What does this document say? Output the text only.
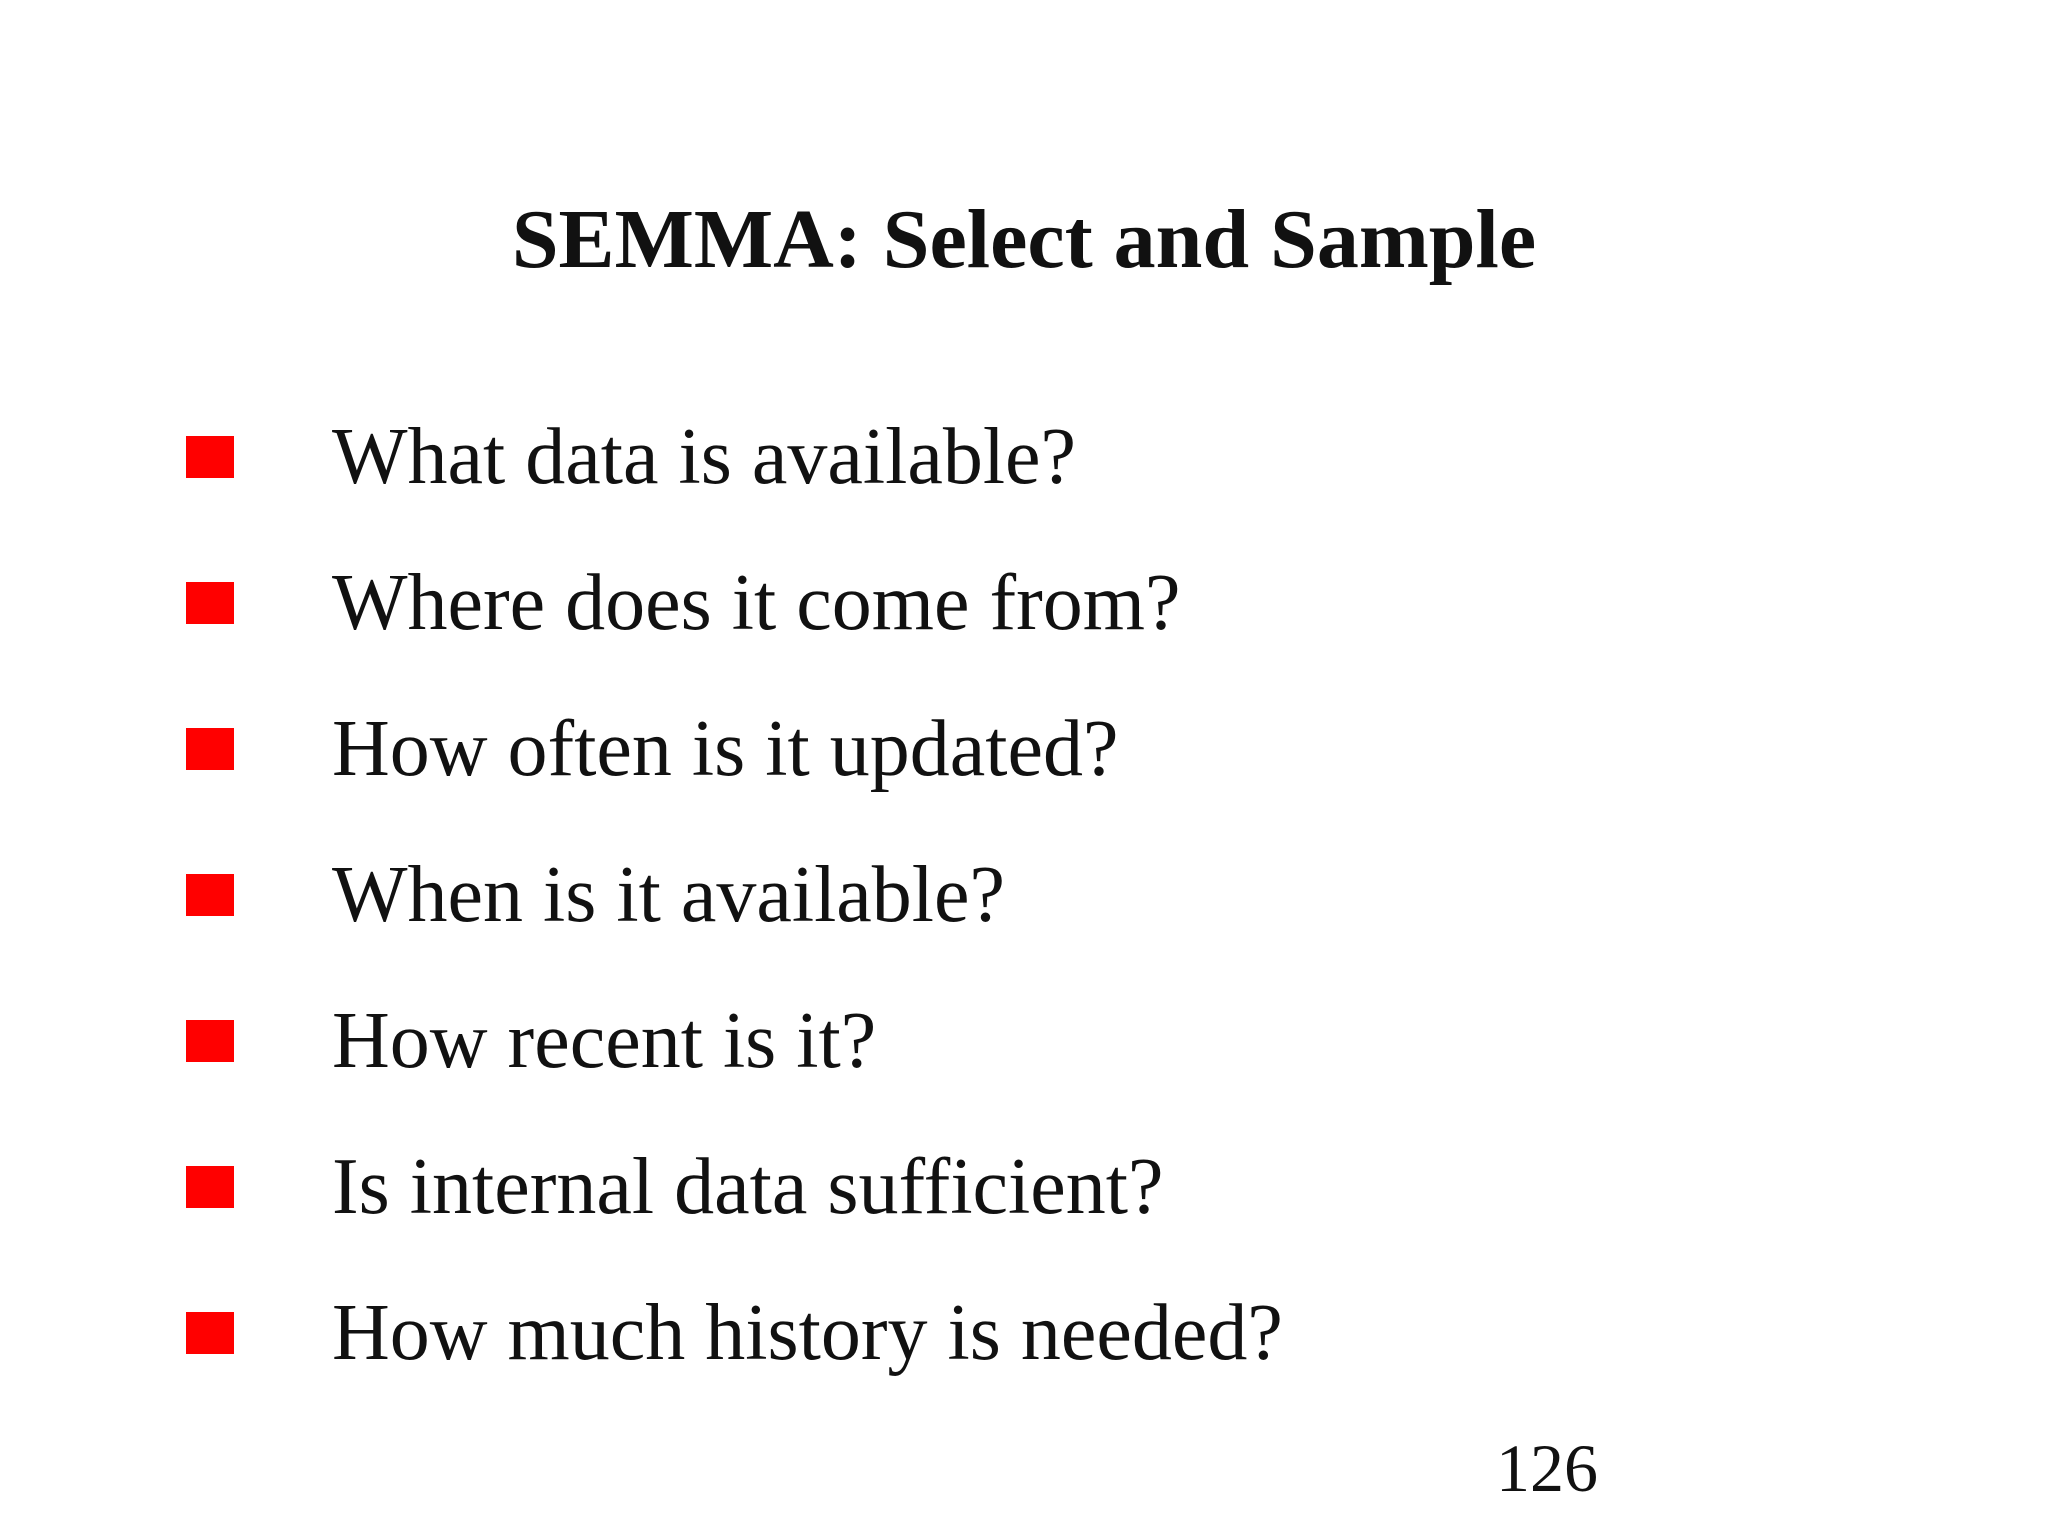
SEMMA: Select and Sample
What data is available?
Where does it come from?
How often is it updated?
When is it available?
How recent is it?
Is internal data sufficient?
How much history is needed?
126
